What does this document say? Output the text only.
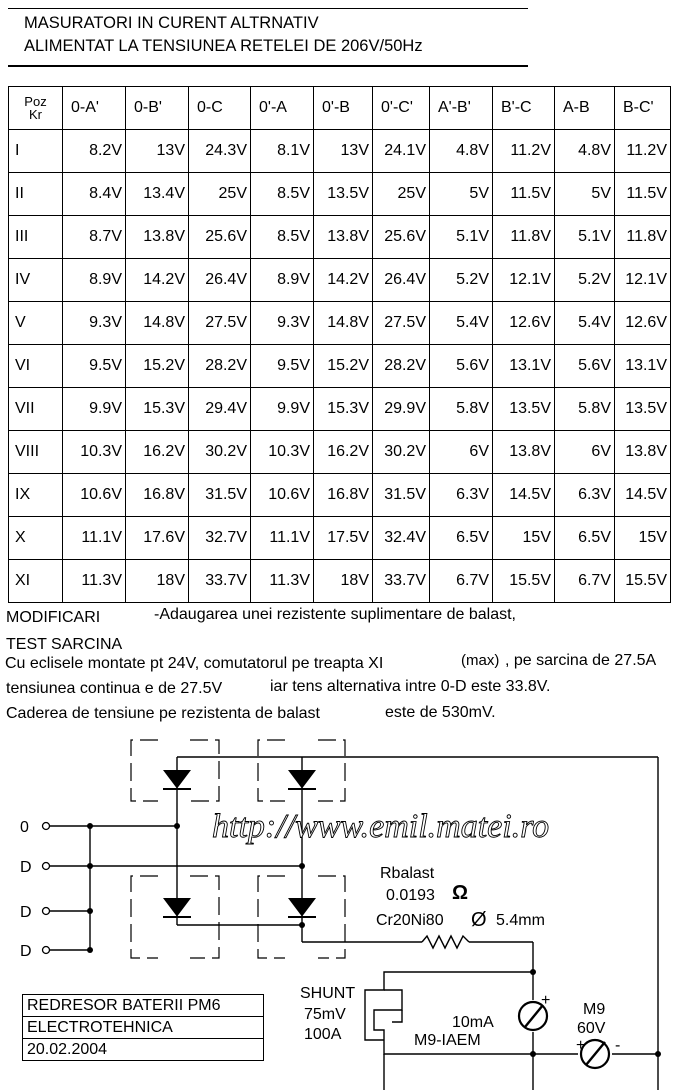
MASURATORI IN CURENT ALTRNATIV
ALIMENTAT LA TENSIUNEA RETELEI DE 206V/50Hz
Poz
Kr	0-A'	0-B'	0-C	0'-A	0'-B	0'-C'	A'-B'	B'-C	A-B	B-C'
I	8.2V	13V	24.3V	8.1V	13V	24.1V	4.8V	11.2V	4.8V	11.2V
II	8.4V	13.4V	25V	8.5V	13.5V	25V	5V	11.5V	5V	11.5V
III	8.7V	13.8V	25.6V	8.5V	13.8V	25.6V	5.1V	11.8V	5.1V	11.8V
IV	8.9V	14.2V	26.4V	8.9V	14.2V	26.4V	5.2V	12.1V	5.2V	12.1V
V	9.3V	14.8V	27.5V	9.3V	14.8V	27.5V	5.4V	12.6V	5.4V	12.6V
VI	9.5V	15.2V	28.2V	9.5V	15.2V	28.2V	5.6V	13.1V	5.6V	13.1V
VII	9.9V	15.3V	29.4V	9.9V	15.3V	29.9V	5.8V	13.5V	5.8V	13.5V
VIII	10.3V	16.2V	30.2V	10.3V	16.2V	30.2V	6V	13.8V	6V	13.8V
IX	10.6V	16.8V	31.5V	10.6V	16.8V	31.5V	6.3V	14.5V	6.3V	14.5V
X	11.1V	17.6V	32.7V	11.1V	17.5V	32.4V	6.5V	15V	6.5V	15V
XI	11.3V	18V	33.7V	11.3V	18V	33.7V	6.7V	15.5V	6.7V	15.5V
MODIFICARI	-Adaugarea unei rezistente suplimentare de balast,
TEST SARCINA
Cu eclisele montate pt 24V, comutatorul pe treapta XI	(max) , pe sarcina de 27.5A
tensiunea continua e de 27.5V	iar tens alternativa intre 0-D este 33.8V.
Caderea de tensiune pe rezistenta de balast	este de 530mV.
http://www.emil.matei.ro
0
D
D
D
Rbalast
0.0193 Ω
Cr20Ni80 Ø 5.4mm
SHUNT
75mV
100A
10mA
M9-IAEM
+
M9
60V
+ -
REDRESOR BATERII PM6
ELECTROTEHNICA
20.02.2004
